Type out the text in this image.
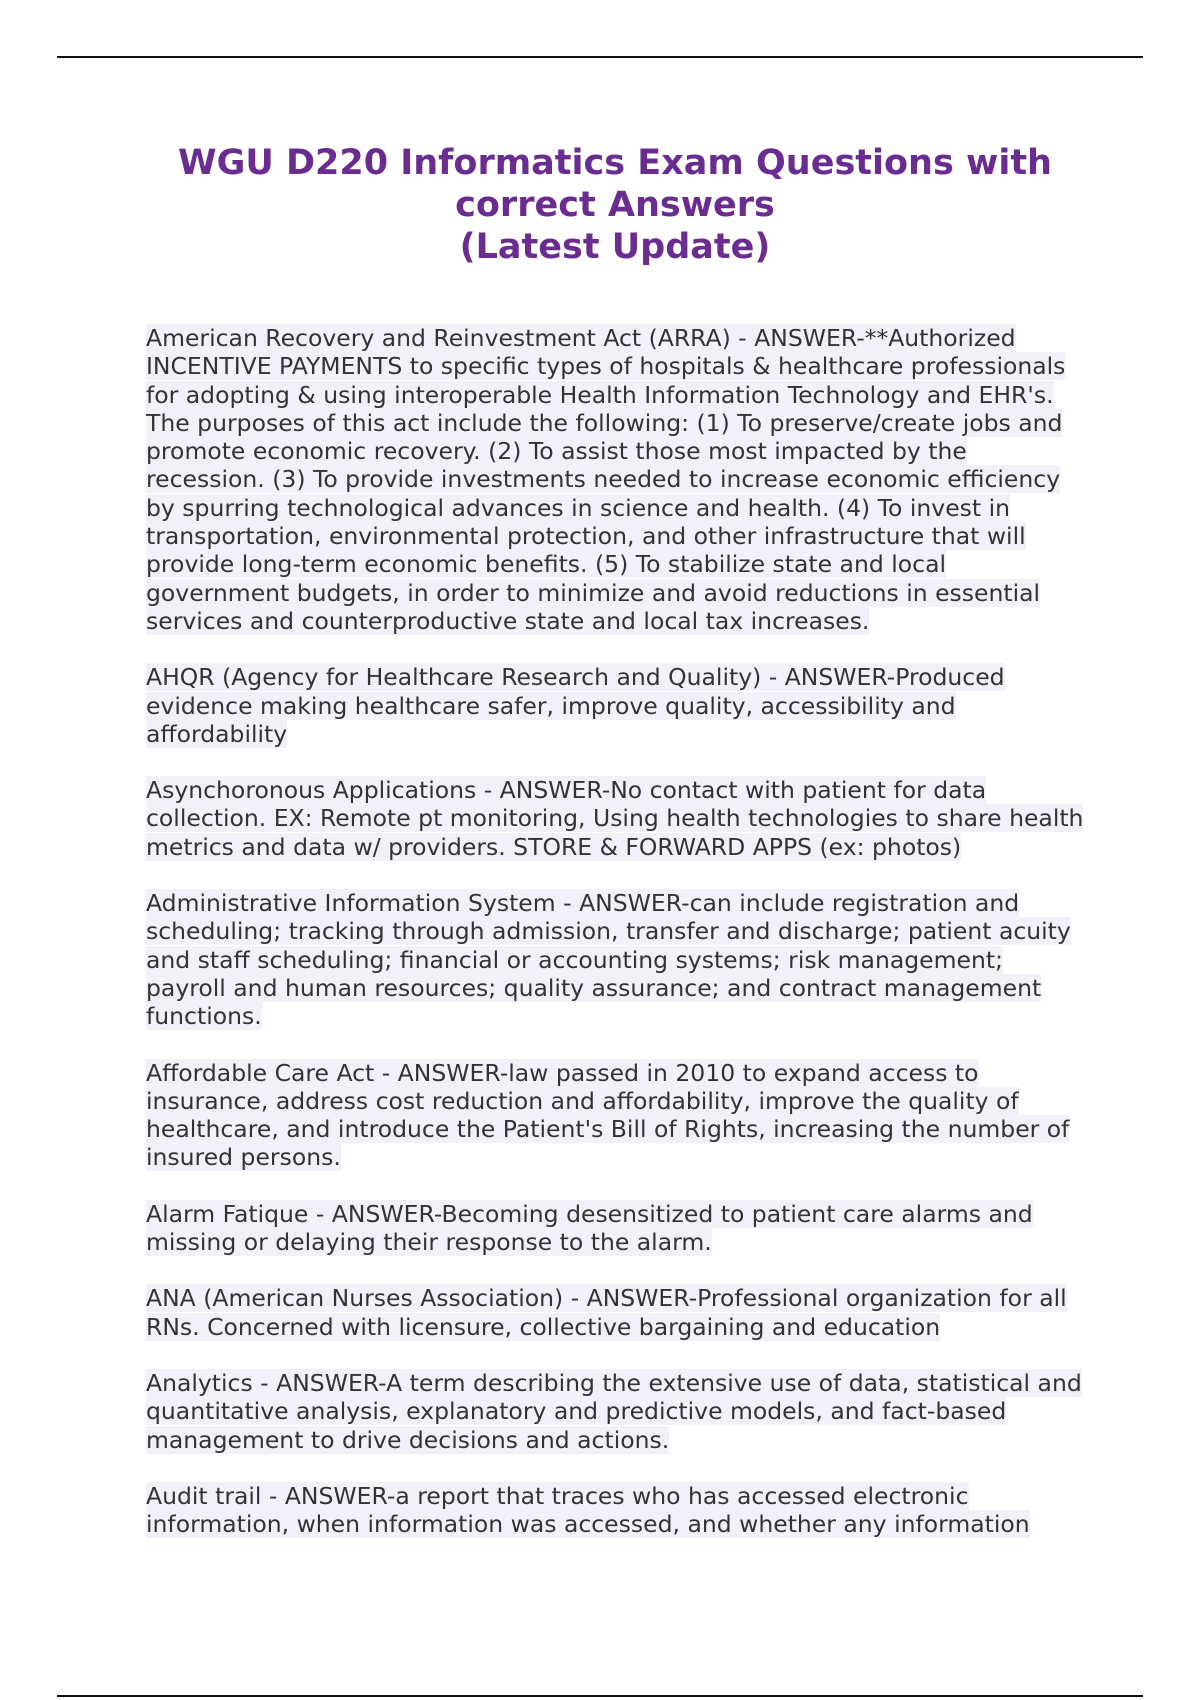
WGU D220 Informatics Exam Questions with
correct Answers
(Latest Update)

American Recovery and Reinvestment Act (ARRA) - ANSWER-**Authorized INCENTIVE PAYMENTS to specific types of hospitals & healthcare professionals for adopting & using interoperable Health Information Technology and EHR's.
The purposes of this act include the following: (1) To preserve/create jobs and promote economic recovery. (2) To assist those most impacted by the recession. (3) To provide investments needed to increase economic efficiency by spurring technological advances in science and health. (4) To invest in transportation, environmental protection, and other infrastructure that will provide long-term economic benefits. (5) To stabilize state and local government budgets, in order to minimize and avoid reductions in essential services and counterproductive state and local tax increases.

AHQR (Agency for Healthcare Research and Quality) - ANSWER-Produced evidence making healthcare safer, improve quality, accessibility and affordability

Asynchoronous Applications - ANSWER-No contact with patient for data collection. EX: Remote pt monitoring, Using health technologies to share health metrics and data w/ providers. STORE & FORWARD APPS (ex: photos)

Administrative Information System - ANSWER-can include registration and scheduling; tracking through admission, transfer and discharge; patient acuity and staff scheduling; financial or accounting systems; risk management; payroll and human resources; quality assurance; and contract management functions.

Affordable Care Act - ANSWER-law passed in 2010 to expand access to insurance, address cost reduction and affordability, improve the quality of healthcare, and introduce the Patient's Bill of Rights, increasing the number of insured persons.

Alarm Fatique - ANSWER-Becoming desensitized to patient care alarms and missing or delaying their response to the alarm.

ANA (American Nurses Association) - ANSWER-Professional organization for all RNs. Concerned with licensure, collective bargaining and education

Analytics - ANSWER-A term describing the extensive use of data, statistical and quantitative analysis, explanatory and predictive models, and fact-based management to drive decisions and actions.

Audit trail - ANSWER-a report that traces who has accessed electronic information, when information was accessed, and whether any information
